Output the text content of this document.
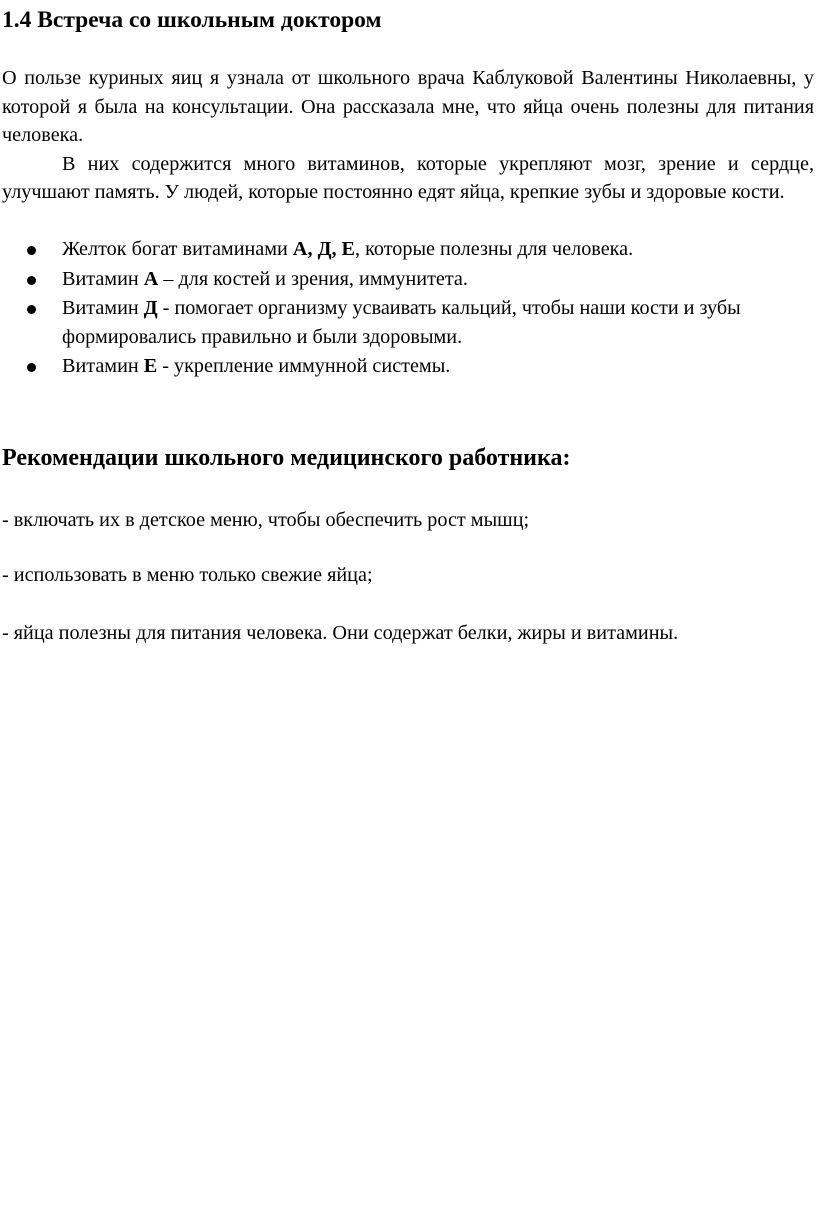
1.4 Встреча со школьным доктором

О пользе куриных яиц я узнала от школьного врача Каблуковой Валентины Николаевны, у которой я была на консультации. Она рассказала мне, что яйца очень полезны для питания человека.

В них содержится много витаминов, которые укрепляют мозг, зрение и сердце, улучшают память. У людей, которые постоянно едят яйца, крепкие зубы и здоровые кости.

Желток богат витаминами А, Д, Е, которые полезны для человека.
Витамин А – для костей и зрения, иммунитета.
Витамин Д - помогает организму усваивать кальций, чтобы наши кости и зубы формировались правильно и были здоровыми.
Витамин Е - укрепление иммунной системы.
Рекомендации школьного медицинского работника:

- включать их в детское меню, чтобы обеспечить рост мышц;

- использовать в меню только свежие яйца;

- яйца полезны для питания человека. Они содержат белки, жиры и витамины.
